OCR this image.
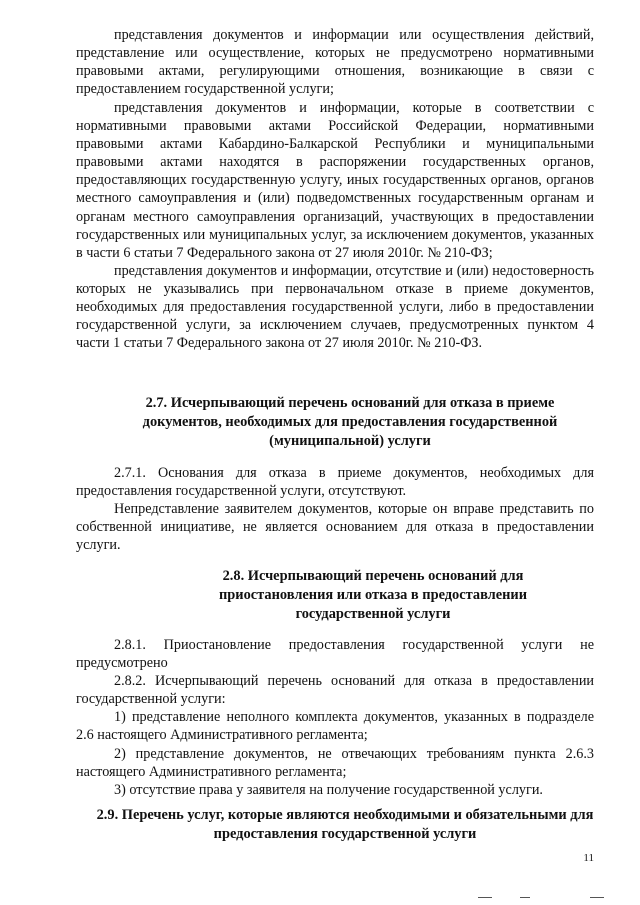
представления документов и информации или осуществления действий, представление или осуществление, которых не предусмотрено нормативными правовыми актами, регулирующими отношения, возникающие в связи с предоставлением государственной услуги;
представления документов и информации, которые в соответствии с нормативными правовыми актами Российской Федерации, нормативными правовыми актами Кабардино-Балкарской Республики и муниципальными правовыми актами находятся в распоряжении государственных органов, предоставляющих государственную услугу, иных государственных органов, органов местного самоуправления и (или) подведомственных государственным органам и органам местного самоуправления организаций, участвующих в предоставлении государственных или муниципальных услуг, за исключением документов, указанных в части 6 статьи 7 Федерального закона от 27 июля 2010г. № 210-ФЗ;
представления документов и информации, отсутствие и (или) недостоверность которых не указывались при первоначальном отказе в приеме документов, необходимых для предоставления государственной услуги, либо в предоставлении государственной услуги, за исключением случаев, предусмотренных пунктом 4 части 1 статьи 7 Федерального закона от 27 июля 2010г. № 210-ФЗ.
2.7. Исчерпывающий перечень оснований для отказа в приеме документов, необходимых для предоставления государственной (муниципальной) услуги
2.7.1. Основания для отказа в приеме документов, необходимых для предоставления государственной услуги, отсутствуют.
Непредставление заявителем документов, которые он вправе представить по собственной инициативе, не является основанием для отказа в предоставлении услуги.
2.8. Исчерпывающий перечень оснований для приостановления или отказа в предоставлении государственной услуги
2.8.1. Приостановление предоставления государственной услуги не предусмотрено
2.8.2. Исчерпывающий перечень оснований для отказа в предоставлении государственной услуги:
1) представление неполного комплекта документов, указанных в подразделе 2.6 настоящего Административного регламента;
2) представление документов, не отвечающих требованиям пункта 2.6.3 настоящего Административного регламента;
3) отсутствие права у заявителя на получение государственной услуги.
2.9. Перечень услуг, которые являются необходимыми и обязательными для предоставления государственной услуги
11
